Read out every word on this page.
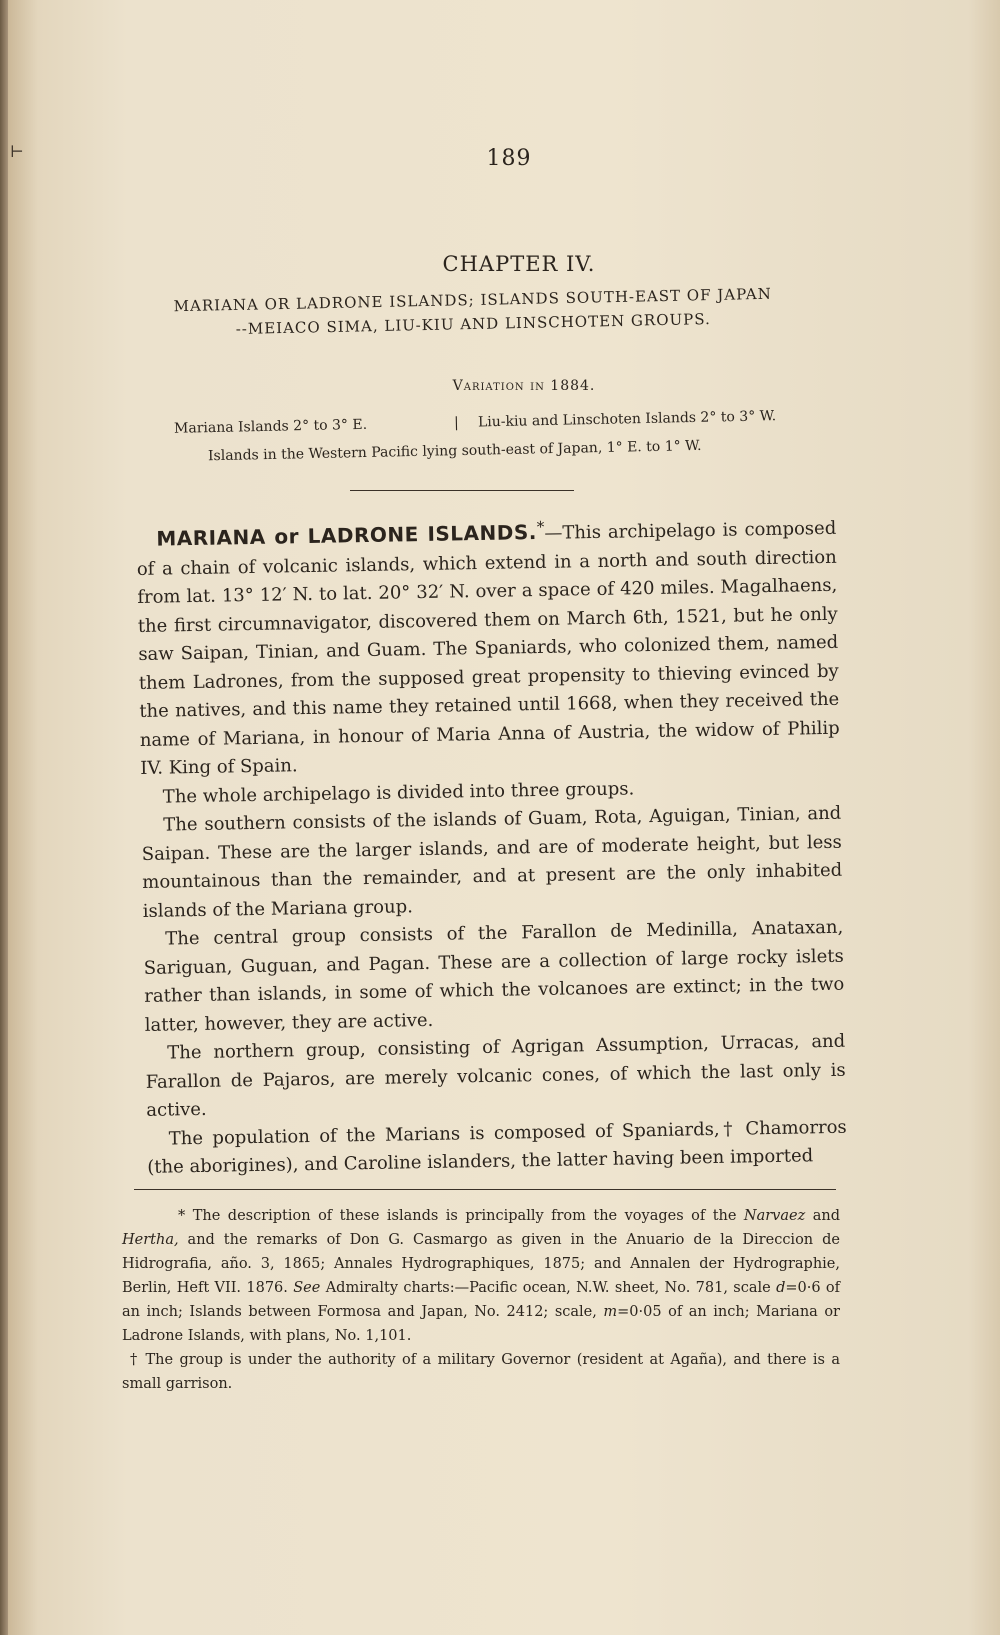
⊢	189
CHAPTER IV.
MARIANA OR LADRONE ISLANDS; ISLANDS SOUTH-EAST OF JAPAN
--MEIACO SIMA, LIU-KIU AND LINSCHOTEN GROUPS.
Variation in 1884.
Mariana Islands 2° to 3° E.	| Liu-kiu and Linschoten Islands 2° to 3° W.
Islands in the Western Pacific lying south-east of Japan, 1° E. to 1° W.

MARIANA or LADRONE ISLANDS.*—This archipelago is composed of a chain of volcanic islands, which extend in a north and south direction from lat. 13° 12′ N. to lat. 20° 32′ N. over a space of 420 miles. Magalhaens, the first circumnavigator, discovered them on March 6th, 1521, but he only saw Saipan, Tinian, and Guam. The Spaniards, who colonized them, named them Ladrones, from the supposed great propensity to thieving evinced by the natives, and this name they retained until 1668, when they received the name of Mariana, in honour of Maria Anna of Austria, the widow of Philip IV. King of Spain.

The whole archipelago is divided into three groups.

The southern consists of the islands of Guam, Rota, Aguigan, Tinian, and Saipan. These are the larger islands, and are of moderate height, but less mountainous than the remainder, and at present are the only inhabited islands of the Mariana group.

The central group consists of the Farallon de Medinilla, Anataxan, Sariguan, Guguan, and Pagan. These are a collection of large rocky islets rather than islands, in some of which the volcanoes are extinct; in the two latter, however, they are active.

The northern group, consisting of Agrigan Assumption, Urracas, and Farallon de Pajaros, are merely volcanic cones, of which the last only is active.

The population of the Marians is composed of Spaniards,† Chamorros (the aborigines), and Caroline islanders, the latter having been imported

* The description of these islands is principally from the voyages of the Narvaez and Hertha, and the remarks of Don G. Casmargo as given in the Anuario de la Direccion de Hidrografia, año. 3, 1865; Annales Hydrographiques, 1875; and Annalen der Hydrographie, Berlin, Heft VII. 1876. See Admiralty charts:—Pacific ocean, N.W. sheet, No. 781, scale d=0·6 of an inch; Islands between Formosa and Japan, No. 2412; scale, m=0·05 of an inch; Mariana or Ladrone Islands, with plans, No. 1,101.

† The group is under the authority of a military Governor (resident at Agaña), and there is a small garrison.
